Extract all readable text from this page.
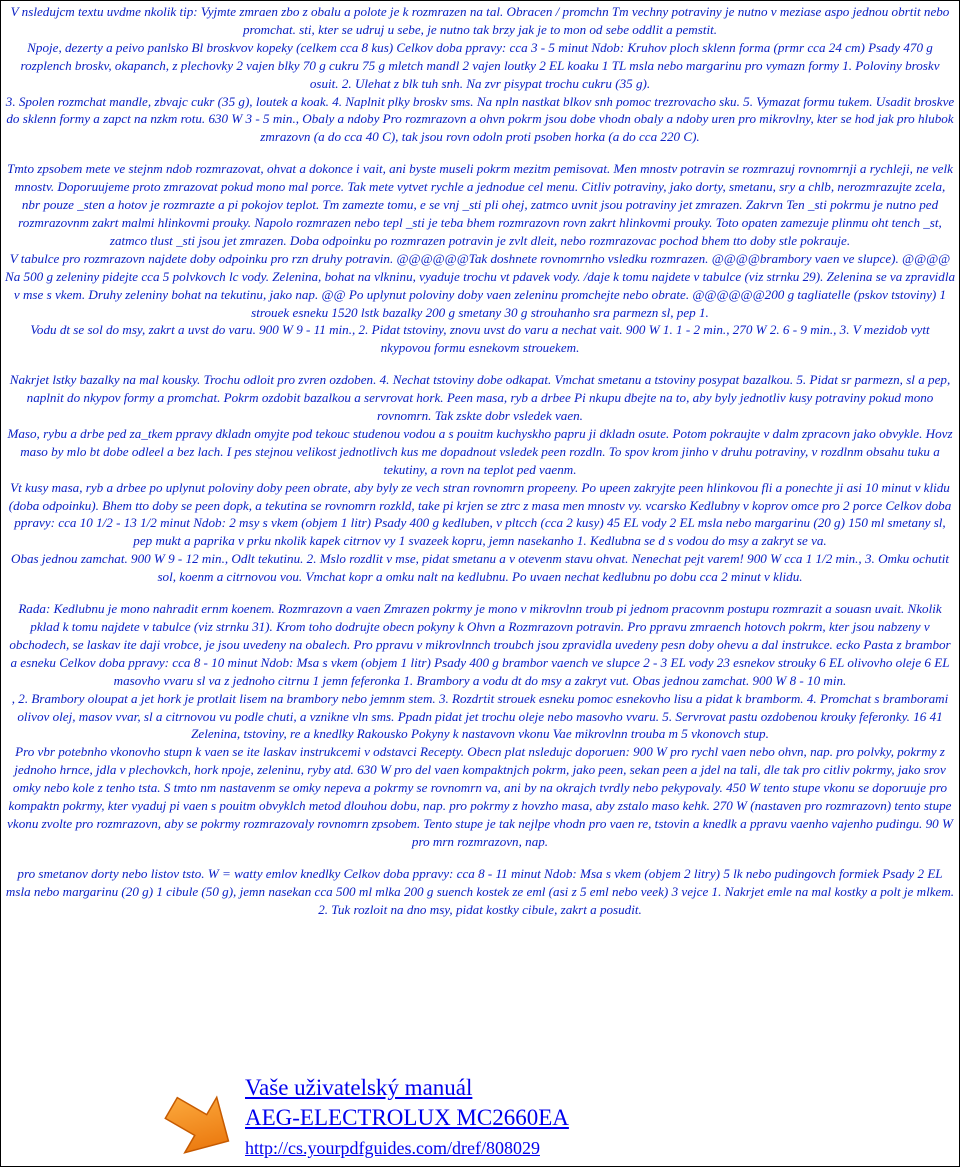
V nsledujcm textu uvdme nkolik tip: Vyjmte zmraen zbo z obalu a polote je k rozmrazen na tal. Obracen / promchn Tm vechny potraviny je nutno v meziase aspo jednou obrtit nebo promchat. sti, kter se udruj u sebe, je nutno tak brzy jak je to mon od sebe oddlit a pemstit.

Npoje, dezerty a peivo panlsko Bl broskvov kopeky (celkem cca 8 kus) Celkov doba ppravy: cca 3 - 5 minut Ndob: Kruhov ploch sklenn forma (prmr cca 24 cm) Psady 470 g rozplench broskv, okapanch, z plechovky 2 vajen blky 70 g cukru 75 g mletch mandl 2 vajen loutky 2 EL koaku 1 TL msla nebo margarinu pro vymazn formy 1. Poloviny broskv osuit. 2. Ulehat z blk tuh snh. Na zvr pisypat trochu cukru (35 g).

3. Spolen rozmchat mandle, zbvajc cukr (35 g), loutek a koak. 4. Naplnit plky broskv sms. Na npln nastkat blkov snh pomoc trezrovacho sku. 5. Vymazat formu tukem. Usadit broskve do sklenn formy a zapct na nzkm rotu. 630 W 3 - 5 min., Obaly a ndoby Pro rozmrazovn a ohvn pokrm jsou dobe vhodn obaly a ndoby uren pro mikrovlny, kter se hod jak pro hlubok zmrazovn (a do cca 40 C), tak jsou rovn odoln proti psoben horka (a do cca 220 C).

Tmto zpsobem mete ve stejnm ndob rozmrazovat, ohvat a dokonce i vait, ani byste museli pokrm mezitm pemisovat. Men mnostv potravin se rozmrazuj rovnomrnji a rychleji, ne velk mnostv. Doporuujeme proto zmrazovat pokud mono mal porce. Tak mete vytvet rychle a jednodue cel menu. Citliv potraviny, jako dorty, smetanu, sry a chlb, nerozmrazujte zcela, nbr pouze _sten a hotov je rozmrazte a pi pokojov teplot. Tm zamezte tomu, e se vnj _sti pli ohej, zatmco uvnit jsou potraviny jet zmrazen. Zakrvn Ten _sti pokrmu je nutno ped rozmrazovnm zakrt malmi hlinkovmi prouky. Napolo rozmrazen nebo tepl _sti je teba bhem rozmrazovn rovn zakrt hlinkovmi prouky. Toto opaten zamezuje plinmu oht tench _st, zatmco tlust _sti jsou jet zmrazen. Doba odpoinku po rozmrazen potravin je zvlt dleit, nebo rozmrazovac pochod bhem tto doby stle pokrauje.

V tabulce pro rozmrazovn najdete doby odpoinku pro rzn druhy potravin. @@@@@@Tak doshnete rovnomrnho vsledku rozmrazen. @@@@brambory vaen ve slupce). @@@@ Na 500 g zeleniny pidejte cca 5 polvkovch lc vody. Zelenina, bohat na vlkninu, vyaduje trochu vt pdavek vody. /daje k tomu najdete v tabulce (viz strnku 29). Zelenina se va zpravidla v mse s vkem. Druhy zeleniny bohat na tekutinu, jako nap. @@ Po uplynut poloviny doby vaen zeleninu promchejte nebo obrate. @@@@@@200 g tagliatelle (pskov tstoviny) 1 strouek esneku 1520 lstk bazalky 200 g smetany 30 g strouhanho sra parmezn sl, pep 1.

Vodu dt se sol do msy, zakrt a uvst do varu. 900 W 9 - 11 min., 2. Pidat tstoviny, znovu uvst do varu a nechat vait. 900 W 1. 1 - 2 min., 270 W 2. 6 - 9 min., 3. V mezidob vytt nkypovou formu esnekovm strouekem.

Nakrjet lstky bazalky na mal kousky. Trochu odloit pro zvren ozdoben. 4. Nechat tstoviny dobe odkapat. Vmchat smetanu a tstoviny posypat bazalkou. 5. Pidat sr parmezn, sl a pep, naplnit do nkypov formy a promchat. Pokrm ozdobit bazalkou a servrovat hork. Peen masa, ryb a drbee Pi nkupu dbejte na to, aby byly jednotliv kusy potraviny pokud mono rovnomrn. Tak zskte dobr vsledek vaen.

Maso, rybu a drbe ped za_tkem ppravy dkladn omyjte pod tekouc studenou vodou a s pouitm kuchyskho papru ji dkladn osute. Potom pokraujte v dalm zpracovn jako obvykle. Hovz maso by mlo bt dobe odleel a bez lach. I pes stejnou velikost jednotlivch kus me dopadnout vsledek peen rozdln. To spov krom jinho v druhu potraviny, v rozdlnm obsahu tuku a tekutiny, a rovn na teplot ped vaenm.

Vt kusy masa, ryb a drbee po uplynut poloviny doby peen obrate, aby byly ze vech stran rovnomrn propeeny. Po upeen zakryjte peen hlinkovou fli a ponechte ji asi 10 minut v klidu (doba odpoinku). Bhem tto doby se peen dopk, a tekutina se rovnomrn rozkld, take pi krjen se ztrc z masa men mnostv vy. vcarsko Kedlubny v koprov omce pro 2 porce Celkov doba ppravy: cca 10 1/2 - 13 1/2 minut Ndob: 2 msy s vkem (objem 1 litr) Psady 400 g kedluben, v pltcch (cca 2 kusy) 45 EL vody 2 EL msla nebo margarinu (20 g) 150 ml smetany sl, pep mukt a paprika v prku nkolik kapek citrnov vy 1 svazeek kopru, jemn nasekanho 1. Kedlubna se d s vodou do msy a zakryt se va.

Obas jednou zamchat. 900 W 9 - 12 min., Odlt tekutinu. 2. Mslo rozdlit v mse, pidat smetanu a v otevenm stavu ohvat. Nenechat pejt varem! 900 W cca 1 1/2 min., 3. Omku ochutit sol, koenm a citrnovou vou. Vmchat kopr a omku nalt na kedlubnu. Po uvaen nechat kedlubnu po dobu cca 2 minut v klidu.

Rada: Kedlubnu je mono nahradit ernm koenem. Rozmrazovn a vaen Zmrazen pokrmy je mono v mikrovlnn troub pi jednom pracovnm postupu rozmrazit a souasn uvait. Nkolik pklad k tomu najdete v tabulce (viz strnku 31). Krom toho dodrujte obecn pokyny k Ohvn a Rozmrazovn potravin. Pro ppravu zmraench hotovch pokrm, kter jsou nabzeny v obchodech, se laskav ite daji vrobce, je jsou uvedeny na obalech. Pro ppravu v mikrovlnnch troubch jsou zpravidla uvedeny pesn doby ohevu a dal instrukce. ecko Pasta z brambor a esneku Celkov doba ppravy: cca 8 - 10 minut Ndob: Msa s vkem (objem 1 litr) Psady 400 g brambor vaench ve slupce 2 - 3 EL vody 23 esnekov strouky 6 EL olivovho oleje 6 EL masovho vvaru sl va z jednoho citrnu 1 jemn feferonka 1. Brambory a vodu dt do msy a zakryt vut. Obas jednou zamchat. 900 W 8 - 10 min.

, 2. Brambory oloupat a jet hork je protlait lisem na brambory nebo jemnm stem. 3. Rozdrtit strouek esneku pomoc esnekovho lisu a pidat k bramborm. 4. Promchat s bramborami olivov olej, masov vvar, sl a citrnovou vu podle chuti, a vznikne vln sms. Ppadn pidat jet trochu oleje nebo masovho vvaru. 5. Servrovat pastu ozdobenou krouky feferonky. 16 41 Zelenina, tstoviny, re a knedlky Rakousko Pokyny k nastavovn vkonu Vae mikrovlnn trouba m 5 vkonovch stup.

Pro vbr potebnho vkonovho stupn k vaen se ite laskav instrukcemi v odstavci Recepty. Obecn plat nsledujc doporuen: 900 W pro rychl vaen nebo ohvn, nap. pro polvky, pokrmy z jednoho hrnce, jdla v plechovkch, hork npoje, zeleninu, ryby atd. 630 W pro del vaen kompaktnjch pokrm, jako peen, sekan peen a jdel na tali, dle tak pro citliv pokrmy, jako srov omky nebo kole z tenho tsta. S tmto nm nastavenm se omky nepeva a pokrmy se rovnomrn va, ani by na okrajch tvrdly nebo pekypovaly. 450 W tento stupe vkonu se doporuuje pro kompaktn pokrmy, kter vyaduj pi vaen s pouitm obvyklch metod dlouhou dobu, nap. pro pokrmy z hovzho masa, aby zstalo maso kehk. 270 W (nastaven pro rozmrazovn) tento stupe vkonu zvolte pro rozmrazovn, aby se pokrmy rozmrazovaly rovnomrn zpsobem. Tento stupe je tak nejlpe vhodn pro vaen re, tstovin a knedlk a ppravu vaenho vajenho pudingu. 90 W pro mrn rozmrazovn, nap.

pro smetanov dorty nebo listov tsto. W = watty emlov knedlky Celkov doba ppravy: cca 8 - 11 minut Ndob: Msa s vkem (objem 2 litry) 5 lk nebo pudingovch formiek Psady 2 EL msla nebo margarinu (20 g) 1 cibule (50 g), jemn nasekan cca 500 ml mlka 200 g suench kostek ze eml (asi z 5 eml nebo veek) 3 vejce 1. Nakrjet emle na mal kostky a polt je mlkem. 2. Tuk rozloit na dno msy, pidat kostky cibule, zakrt a posudit.

Vaše uživatelský manuál
AEG-ELECTROLUX MC2660EA
http://cs.yourpdfguides.com/dref/808029
